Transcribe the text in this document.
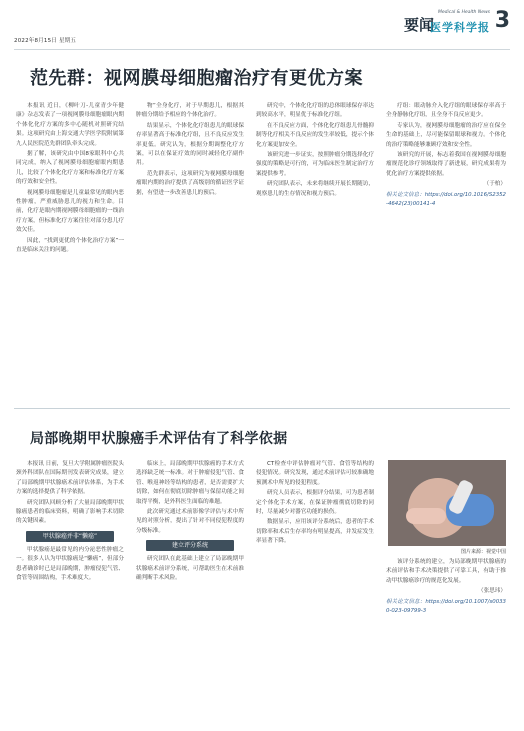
2022年8月15日 星期五
要闻
Medical & Health News
医学科学报 3
范先群：视网膜母细胞瘤治疗有更优方案

本报讯 近日，《柳叶刀-儿童青少年健康》杂志发表了一项视网膜母细胞瘤眼内期个体化化疗方案的多中心随机对照研究结果。这项研究由上海交通大学医学院附属第九人民医院范先群团队牵头完成。

据了解，该研究由中国8家眼科中心共同完成，纳入了视网膜母细胞瘤眼内期患儿，比较了个体化化疗方案和标准化疗方案的疗效和安全性。

视网膜母细胞瘤是儿童最常见的眼内恶性肿瘤，严重威胁患儿的视力和生命。目前，化疗是眼内期视网膜母细胞瘤的一线治疗方案，但标准化疗方案往往对部分患儿疗效欠佳。

因此，“找到更优的个体化治疗方案”一直是临床关注的问题。

物”全身化疗，对于早期患儿，根据其肿瘤分期给予相应的个体化治疗。

结果显示，个体化化疗组患儿的眼球保存率显著高于标准化疗组，且不良反应发生率更低。研究认为，根据分期调整化疗方案，可以在保证疗效的同时减轻化疗副作用。

范先群表示，这项研究为视网膜母细胞瘤眼内期的治疗提供了高级别的循证医学证据，有望进一步改善患儿的预后。

研究中，个体化化疗组的总体眼球保存率达到较高水平，明显优于标准化疗组。

在不良反应方面，个体化化疗组患儿骨髓抑制等化疗相关不良反应的发生率较低，提示个体化方案更加安全。

该研究进一步证实，按照肿瘤分期选择化疗强度的策略是可行的，可为临床医生制定治疗方案提供参考。

研究团队表示，未来将继续开展长期随访，观察患儿的生存情况和视力预后。

疗组：眼动脉介入化疗组的眼球保存率高于全身静脉化疗组，且全身不良反应更少。

专家认为，视网膜母细胞瘤的治疗应在保全生命的基础上，尽可能保留眼球和视力。个体化的治疗策略能够兼顾疗效和安全性。

该研究的开展，标志着我国在视网膜母细胞瘤规范化诊疗领域取得了新进展，研究成果将为优化治疗方案提供依据。

（于柏）

相关论文信息：https://doi.org/10.1016/S2352-4642(23)00141-4
局部晚期甲状腺癌手术评估有了科学依据

本报讯 日前，复旦大学附属肿瘤医院头颈外科团队在国际期刊发表研究成果，建立了局部晚期甲状腺癌术前评估体系，为手术方案的选择提供了科学依据。

研究团队回顾分析了大量局部晚期甲状腺癌患者的临床资料，明确了影响手术切除的关键因素。

甲状腺癌并非“懒癌”

甲状腺癌是最常见的内分泌恶性肿瘤之一。很多人认为甲状腺癌是“懒癌”，但部分患者确诊时已是局部晚期，肿瘤侵犯气管、食管等周围结构，手术难度大。

临床上，局部晚期甲状腺癌的手术方式选择缺乏统一标准。对于肿瘤侵犯气管、食管、喉返神经等结构的患者，是否需要扩大切除，如何在彻底切除肿瘤与保留功能之间取得平衡，是外科医生面临的难题。

此次研究通过术前影像学评估与术中所见的对照分析，提出了针对不同侵犯程度的分级标准。

建立评分系统

研究团队在此基础上建立了局部晚期甲状腺癌术前评分系统，可帮助医生在术前准确判断手术风险。

CT检查中评估肿瘤对气管、食管等结构的侵犯情况。研究发现，通过术前评估可较准确地预测术中所见的侵犯程度。

研究人员表示，根据评分结果，可为患者制定个体化手术方案，在保证肿瘤彻底切除的同时，尽量减少对器官功能的损伤。

数据显示，应用该评分系统后，患者的手术切除率和术后生存率均有明显提高，并发症发生率显著下降。

图片来源：视觉中国

该评分系统的建立，为局部晚期甲状腺癌的术前评估和手术决策提供了可靠工具，有助于推动甲状腺癌诊疗的规范化发展。

（张思玮）

相关论文信息：https://doi.org/10.1007/s00330-023-09799-3
